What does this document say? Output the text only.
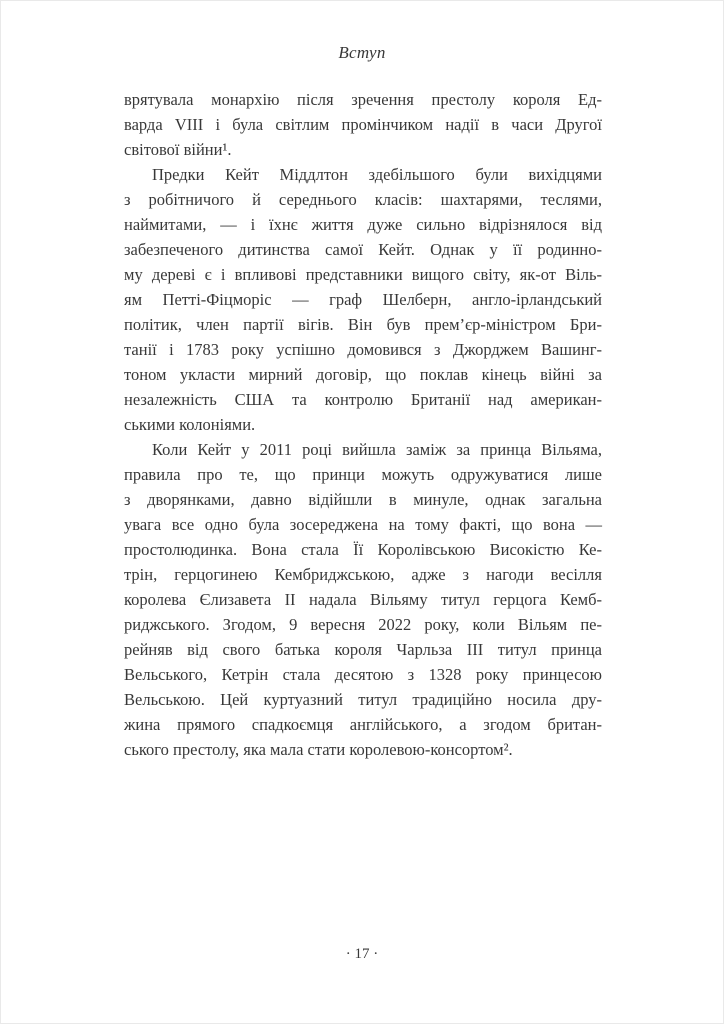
Вступ
врятувала монархію після зречення престолу короля Ед-
варда VIII і була світлим промінчиком надії в часи Другої
світової війни¹.
Предки Кейт Міддлтон здебільшого були вихідцями
з робітничого й середнього класів: шахтарями, теслями,
наймитами, — і їхнє життя дуже сильно відрізнялося від
забезпеченого дитинства самої Кейт. Однак у її родинно-
му дереві є і впливові представники вищого світу, як-от Віль-
ям Петті-Фіцморіс — граф Шелберн, англо-ірландський
політик, член партії вігів. Він був прем’єр-міністром Бри-
танії і 1783 року успішно домовився з Джорджем Вашинг-
тоном укласти мирний договір, що поклав кінець війні за
незалежність США та контролю Британії над американ-
ськими колоніями.
Коли Кейт у 2011 році вийшла заміж за принца Вільяма,
правила про те, що принци можуть одружуватися лише
з дворянками, давно відійшли в минуле, однак загальна
увага все одно була зосереджена на тому факті, що вона —
простолюдинка. Вона стала Її Королівською Високістю Ке-
трін, герцогинею Кембриджською, адже з нагоди весілля
королева Єлизавета II надала Вільяму титул герцога Кемб-
риджського. Згодом, 9 вересня 2022 року, коли Вільям пе-
рейняв від свого батька короля Чарльза III титул принца
Вельського, Кетрін стала десятою з 1328 року принцесою
Вельською. Цей куртуазний титул традиційно носила дру-
жина прямого спадкоємця англійського, а згодом британ-
ського престолу, яка мала стати королевою-консортом².
· 17 ·
